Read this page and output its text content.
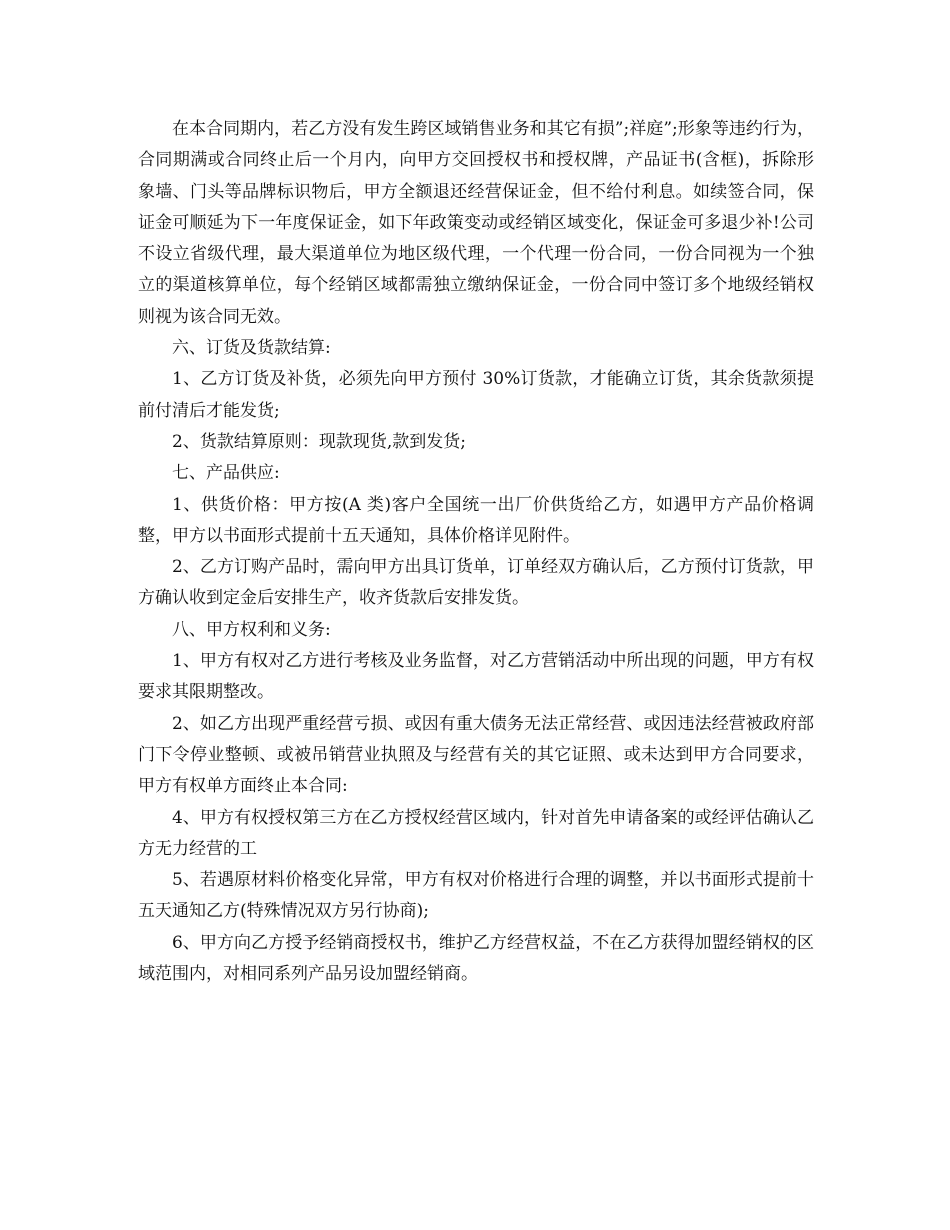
在本合同期内，若乙方没有发生跨区域销售业务和其它有损”;祥庭”;形象等违约行为，合同期满或合同终止后一个月内，向甲方交回授权书和授权牌，产品证书(含框)，拆除形象墙、门头等品牌标识物后，甲方全额退还经营保证金，但不给付利息。如续签合同，保证金可顺延为下一年度保证金，如下年政策变动或经销区域变化，保证金可多退少补!公司不设立省级代理，最大渠道单位为地区级代理，一个代理一份合同，一份合同视为一个独立的渠道核算单位，每个经销区域都需独立缴纳保证金，一份合同中签订多个地级经销权则视为该合同无效。

六、订货及货款结算:

1、乙方订货及补货，必须先向甲方预付 30%订货款，才能确立订货，其余货款须提前付清后才能发货;

2、货款结算原则：现款现货,款到发货;

七、产品供应:

1、供货价格：甲方按(A 类)客户全国统一出厂价供货给乙方，如遇甲方产品价格调整，甲方以书面形式提前十五天通知，具体价格详见附件。

2、乙方订购产品时，需向甲方出具订货单，订单经双方确认后，乙方预付订货款，甲方确认收到定金后安排生产，收齐货款后安排发货。

八、甲方权利和义务:

1、甲方有权对乙方进行考核及业务监督，对乙方营销活动中所出现的问题，甲方有权要求其限期整改。

2、如乙方出现严重经营亏损、或因有重大债务无法正常经营、或因违法经营被政府部门下令停业整顿、或被吊销营业执照及与经营有关的其它证照、或未达到甲方合同要求，甲方有权单方面终止本合同:

4、甲方有权授权第三方在乙方授权经营区域内，针对首先申请备案的或经评估确认乙方无力经营的工

5、若遇原材料价格变化异常，甲方有权对价格进行合理的调整，并以书面形式提前十五天通知乙方(特殊情况双方另行协商);

6、甲方向乙方授予经销商授权书，维护乙方经营权益，不在乙方获得加盟经销权的区域范围内，对相同系列产品另设加盟经销商。
